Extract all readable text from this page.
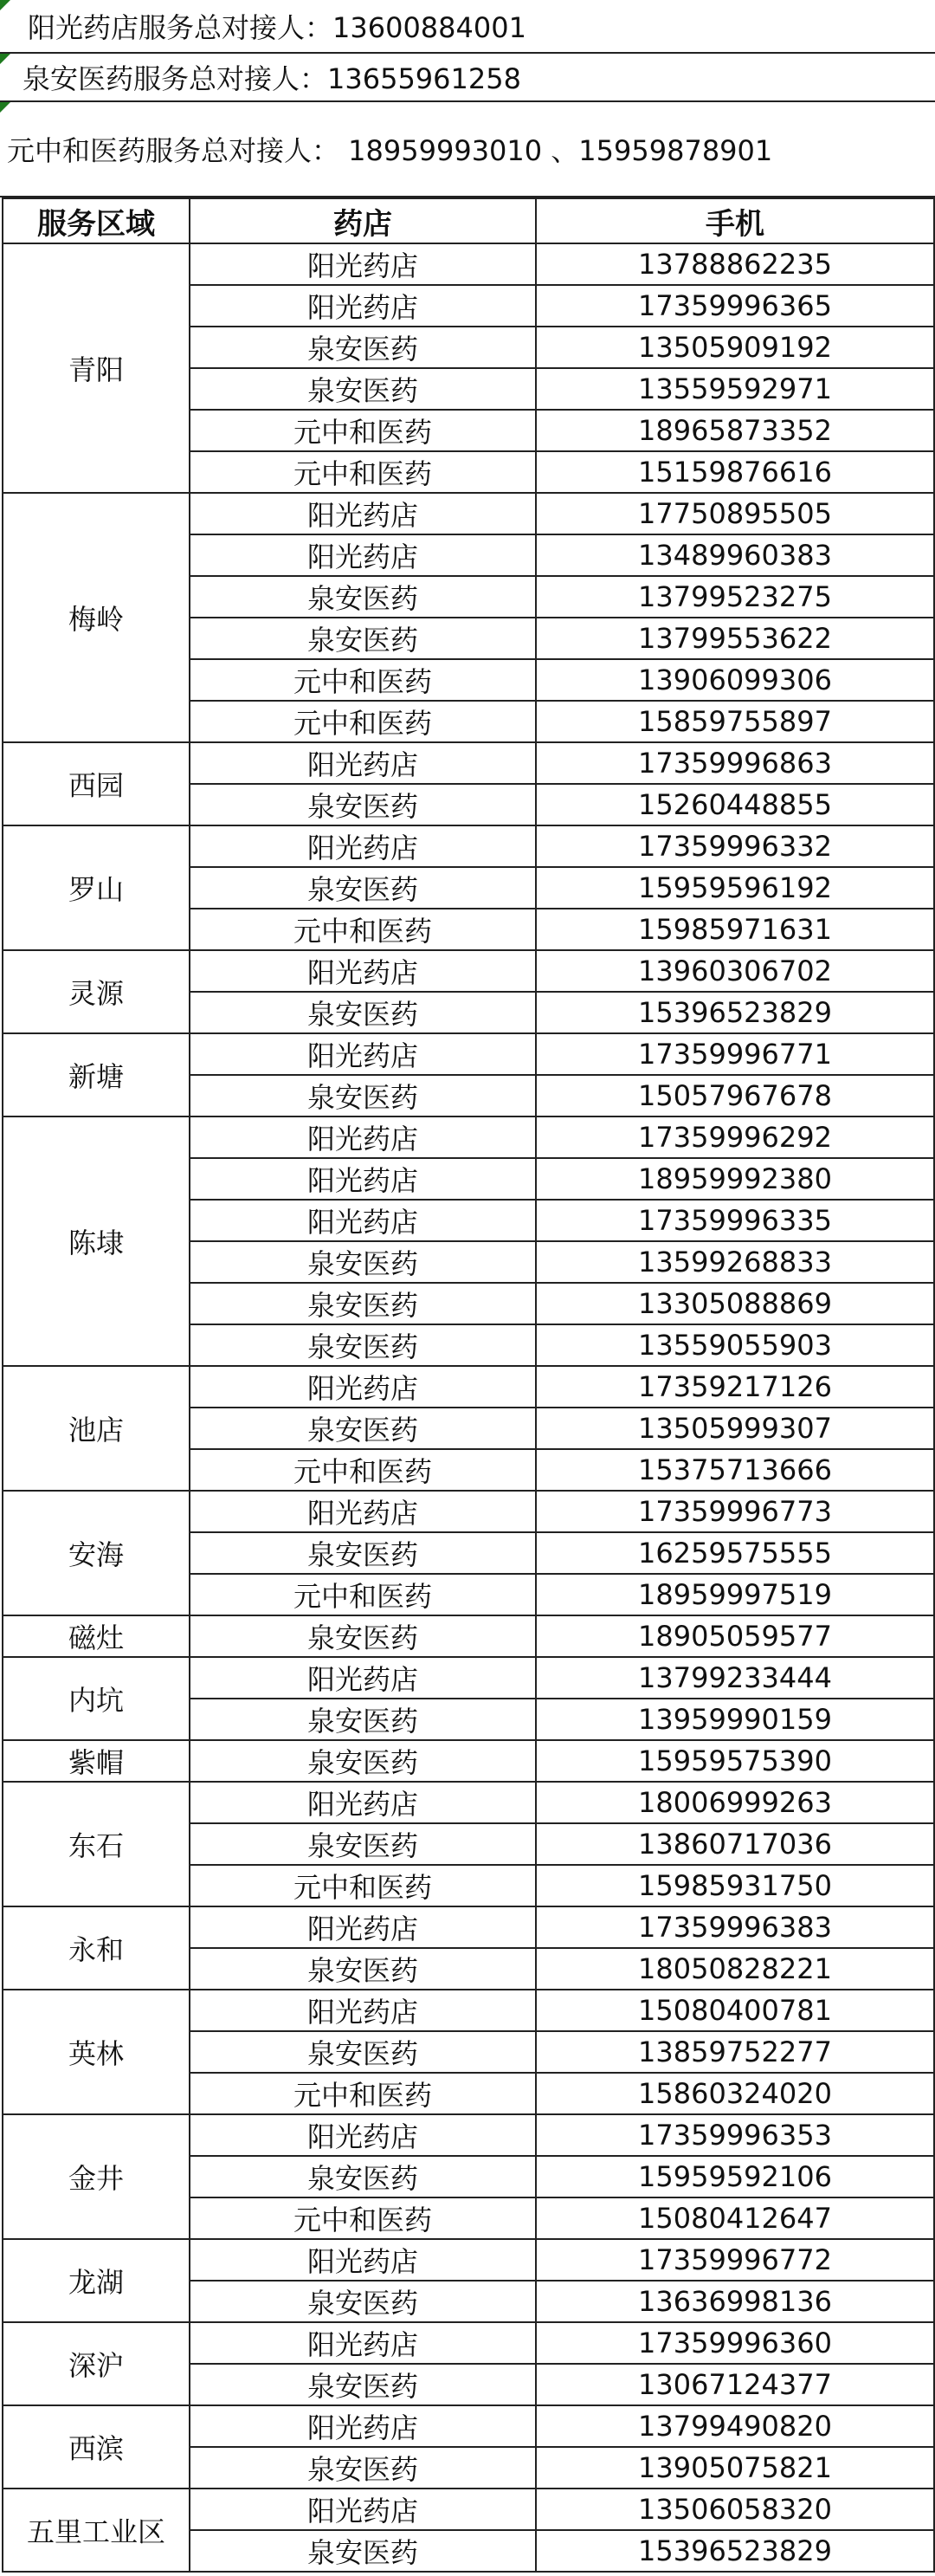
阳光药店服务总对接人：13600884001
泉安医药服务总对接人：13655961258
元中和医药服务总对接人： 18959993010 、15959878901
服务区域	药店	手机
青阳	阳光药店	13788862235
	阳光药店	17359996365
	泉安医药	13505909192
	泉安医药	13559592971
	元中和医药	18965873352
	元中和医药	15159876616
梅岭	阳光药店	17750895505
	阳光药店	13489960383
	泉安医药	13799523275
	泉安医药	13799553622
	元中和医药	13906099306
	元中和医药	15859755897
西园	阳光药店	17359996863
	泉安医药	15260448855
罗山	阳光药店	17359996332
	泉安医药	15959596192
	元中和医药	15985971631
灵源	阳光药店	13960306702
	泉安医药	15396523829
新塘	阳光药店	17359996771
	泉安医药	15057967678
陈埭	阳光药店	17359996292
	阳光药店	18959992380
	阳光药店	17359996335
	泉安医药	13599268833
	泉安医药	13305088869
	泉安医药	13559055903
池店	阳光药店	17359217126
	泉安医药	13505999307
	元中和医药	15375713666
安海	阳光药店	17359996773
	泉安医药	16259575555
	元中和医药	18959997519
磁灶	泉安医药	18905059577
内坑	阳光药店	13799233444
	泉安医药	13959990159
紫帽	泉安医药	15959575390
东石	阳光药店	18006999263
	泉安医药	13860717036
	元中和医药	15985931750
永和	阳光药店	17359996383
	泉安医药	18050828221
英林	阳光药店	15080400781
	泉安医药	13859752277
	元中和医药	15860324020
金井	阳光药店	17359996353
	泉安医药	15959592106
	元中和医药	15080412647
龙湖	阳光药店	17359996772
	泉安医药	13636998136
深沪	阳光药店	17359996360
	泉安医药	13067124377
西滨	阳光药店	13799490820
	泉安医药	13905075821
五里工业区	阳光药店	13506058320
	泉安医药	15396523829
